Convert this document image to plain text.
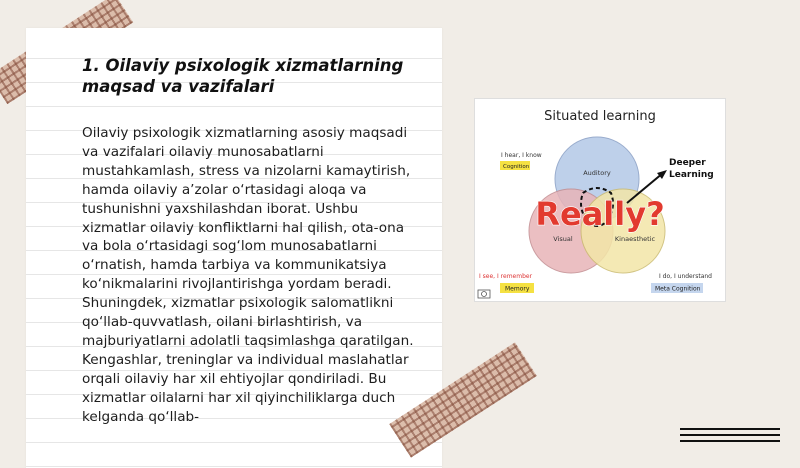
1. Oilaviy psixologik xizmatlarning maqsad va vazifalari

Oilaviy psixologik xizmatlarning asosiy maqsadi va vazifalari oilaviy munosabatlarni mustahkamlash, stress va nizolarni kamaytirish, hamda oilaviy a’zolar o‘rtasidagi aloqa va tushunishni yaxshilashdan iborat. Ushbu xizmatlar oilaviy konfliktlarni hal qilish, ota-ona va bola o‘rtasidagi sog‘lom munosabatlarni o‘rnatish, hamda tarbiya va kommunikatsiya ko‘nikmalarini rivojlantirishga yordam beradi. Shuningdek, xizmatlar psixologik salomatlikni qo‘llab-quvvatlash, oilani birlashtirish, va majburiyatlarni adolatli taqsimlashga qaratilgan. Kengashlar, treninglar va individual maslahatlar orqali oilaviy har xil ehtiyojlar qondiriladi. Bu xizmatlar oilalarni har xil qiyinchiliklarga duch kelganda qo‘llab-

Situated learning
Auditory
Visual	Kinaesthetic
I hear, I know
Cognition	Deeper
Learning
I see, I remember
Memory
I do, I understand
Meta Cognition
Really?
